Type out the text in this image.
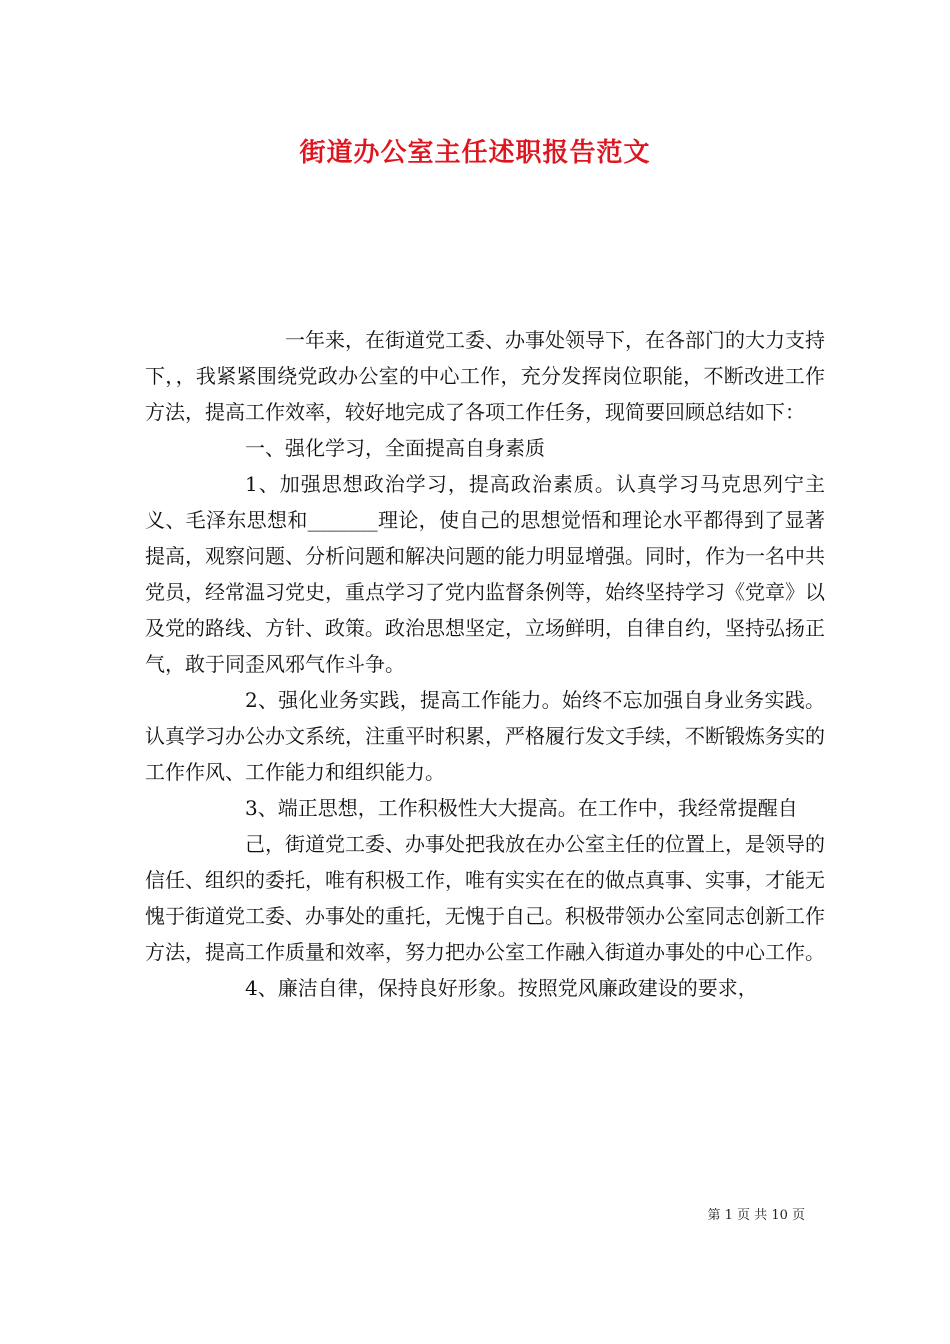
街道办公室主任述职报告范文

一年来，在街道党工委、办事处领导下，在各部门的大力支持下，，我紧紧围绕党政办公室的中心工作，充分发挥岗位职能，不断改进工作方法，提高工作效率，较好地完成了各项工作任务，现简要回顾总结如下：

一、强化学习，全面提高自身素质

1、加强思想政治学习，提高政治素质。认真学习马克思列宁主义、毛泽东思想和_______理论，使自己的思想觉悟和理论水平都得到了显著提高，观察问题、分析问题和解决问题的能力明显增强。同时，作为一名中共党员，经常温习党史，重点学习了党内监督条例等，始终坚持学习《党章》以及党的路线、方针、政策。政治思想坚定，立场鲜明，自律自约，坚持弘扬正气，敢于同歪风邪气作斗争。

2、强化业务实践，提高工作能力。始终不忘加强自身业务实践。认真学习办公办文系统，注重平时积累，严格履行发文手续，不断锻炼务实的工作作风、工作能力和组织能力。

3、端正思想，工作积极性大大提高。在工作中，我经常提醒自

己，街道党工委、办事处把我放在办公室主任的位置上，是领导的信任、组织的委托，唯有积极工作，唯有实实在在的做点真事、实事，才能无愧于街道党工委、办事处的重托，无愧于自己。积极带领办公室同志创新工作方法，提高工作质量和效率，努力把办公室工作融入街道办事处的中心工作。

4、廉洁自律，保持良好形象。按照党风廉政建设的要求，

第 1 页 共 10 页
